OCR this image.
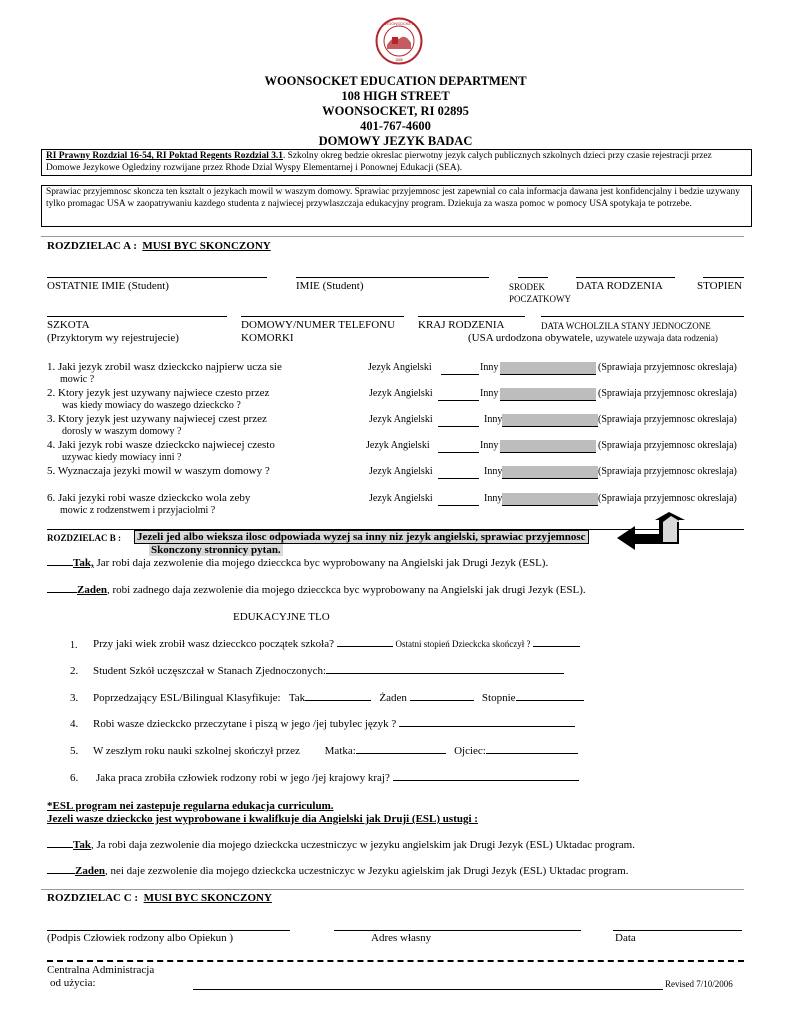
WOONSOCKET
1888
WOONSOCKET EDUCATION DEPARTMENT
108 HIGH STREET
WOONSOCKET, RI 02895
401-767-4600
DOMOWY JEZYK BADAC
RI Prawny Rozdzial 16-54, RI Poktad Regents Rozdzial 3.1. Szkolny okreg bedzie okreslac pierwotny jezyk calych publicznych szkolnych dzieci przy czasie rejestracji przez Domowe Jezykowe Ogledziny rozwijane przez Rhode Dzial Wyspy Elementarnej i Ponownej Edukacji (SEA).
Sprawiac przyjemnosc skoncza ten ksztalt o jezykach mowil w waszym domowy. Sprawiac przyjemnosc jest zapewnial co cala informacja dawana jest konfidencjalny i bedzie uzywany tylko promagac USA w zaopatrywaniu kazdego studenta z najwiecej przywlaszczaja edukacyjny program. Dziekuja za wasza pomoc w pomocy USA spotykaja te potrzebe.
ROZDZIELAC A : MUSI BYC SKONCZONY
OSTATNIE IMIE (Student)	IMIE (Student)	SRODEK
POCZATKOWY
DATA RODZENIA	STOPIEN
SZKOTA
(Przyktorym wy rejestrujecie)
DOMOWY/NUMER TELEFONU
KOMORKI
KRAJ RODZENIA	DATA WCHOLZILA STANY JEDNOCZONE
(USA urdodzona obywatele, uzywatele uzywaja data rodzenia)
1. Jaki jezyk zrobil wasz dzieckcko najpierw ucza sie
mowic ?
Jezyk Angielski	Inny	(Sprawiaja przyjemnosc okreslaja)
2. Ktory jezyk jest uzywany najwiece czesto przez
was kiedy mowiacy do waszego dzieckcko ?
Jezyk Angielski	Inny	(Sprawiaja przyjemnosc okreslaja)
3. Ktory jezyk jest uzywany najwiecej czest przez
dorosly w waszym domowy ?
Jezyk Angielski	Inny	(Sprawiaja przyjemnosc okreslaja)
4. Jaki jezyk robi wasze dzieckcko najwiecej czesto
uzywac kiedy mowiacy inni ?
Jezyk Angielski	Inny	(Sprawiaja przyjemnosc okreslaja)
5. Wyznaczaja jezyki mowil w waszym domowy ?	Jezyk Angielski	Inny	(Sprawiaja przyjemnosc okreslaja)
6. Jaki jezyki robi wasze dzieckcko wola zeby
mowic z rodzenstwem i przyjaciolmi ?
Jezyk Angielski	Inny	(Sprawiaja przyjemnosc okreslaja)
ROZDZIELAC B : Jezeli jed albo wieksza ilosc odpowiada wyzej sa inny niz jezyk angielski, sprawiac przyjemnosc
Skonczony stronnicy pytan.
Tak, Jar robi daja zezwolenie dia mojego dziecckca byc wyprobowany na Angielski jak Drugi Jezyk (ESL).
Zaden, robi zadnego daja zezwolenie dia mojego dziecckca byc wyprobowany na Angielski jak drugi Jezyk (ESL).
EDUKACYJNE TLO
1. Przy jaki wiek zrobił wasz dziecckco początek szkoła?	Ostatni stopień Dzieckcka skończył ?
2. Student Szkół uczęszczał w Stanach Zjednoczonych:
3. Poprzedzający ESL/Bilingual Klasyfikuje: Tak	Żaden	Stopnie
4. Robi wasze dzieckcko przeczytane i piszą w jego /jej tubylec język ?
5. W zeszłym roku nauki szkolnej skończył przez Matka:	Ojciec:
6. Jaka praca zrobiła człowiek rodzony robi w jego /jej krajowy kraj?
*ESL program nei zastepuje regularna edukacja curriculum.
Jezeli wasze dzieckcko jest wyprobowane i kwalifkuje dia Angielski jak Druji (ESL) ustugi :
Tak, Ja robi daja zezwolenie dia mojego dzieckcka uczestniczyc w jezyku angielskim jak Drugi Jezyk (ESL) Uktadac program.
Zaden, nei daje zezwolenie dia mojego dzieckcka uczestniczyc w Jezyku agielskim jak Drugi Jezyk (ESL) Uktadac program.
ROZDZIELAC C : MUSI BYC SKONCZONY
(Podpis Człowiek rodzony albo Opiekun )	Adres własny	Data
Centralna Administracja
od użycia:	Revised 7/10/2006
